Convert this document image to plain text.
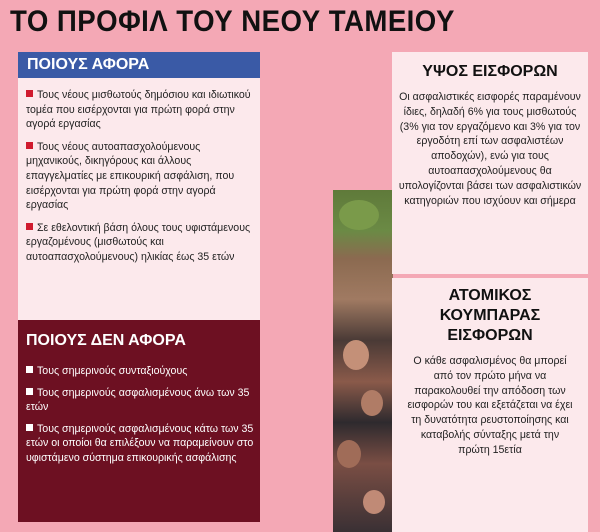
ΤΟ ΠΡΟΦΙΛ ΤΟΥ ΝΕΟΥ ΤΑΜΕΙΟΥ
ΠΟΙΟΥΣ ΑΦΟΡΑ
Τους νέους μισθωτούς δημόσιου και ιδιωτικού τομέα που εισέρχονται για πρώτη φορά στην αγορά εργασίας
Τους νέους αυτοαπασχολούμενους μηχανικούς, δικηγόρους και άλλους επαγγελματίες με επικουρική ασφάλιση, που εισέρχονται για πρώτη φορά στην αγορά εργασίας
Σε εθελοντική βάση όλους τους υφιστάμενους εργαζομένους (μισθωτούς και αυτοαπασχολούμενους) ηλικίας έως 35 ετών
ΠΟΙΟΥΣ ΔΕΝ ΑΦΟΡΑ
Τους σημερινούς συνταξιούχους
Τους σημερινούς ασφαλισμένους άνω των 35 ετών
Τους σημερινούς ασφαλισμένους κάτω των 35 ετών οι οποίοι θα επιλέξουν να παραμείνουν στο υφιστάμενο σύστημα επικουρικής ασφάλισης
ΥΨΟΣ ΕΙΣΦΟΡΩΝ
Οι ασφαλιστικές εισφορές παραμένουν ίδιες, δηλαδή 6% για τους μισθωτούς (3% για τον εργαζόμενο και 3% για τον εργοδότη επί των ασφαλιστέων αποδοχών), ενώ για τους αυτοαπασχολούμενους θα υπολογίζονται βάσει των ασφαλιστικών κατηγοριών που ισχύουν και σήμερα
ΑΤΟΜΙΚΟΣ
ΚΟΥΜΠΑΡΑΣ
ΕΙΣΦΟΡΩΝ
Ο κάθε ασφαλισμένος θα μπορεί από τον πρώτο μήνα να παρακολουθεί την απόδοση των εισφορών του και εξετάζεται να έχει τη δυνατότητα ρευστοποίησης και καταβολής σύνταξης μετά την πρώτη 15ετία
